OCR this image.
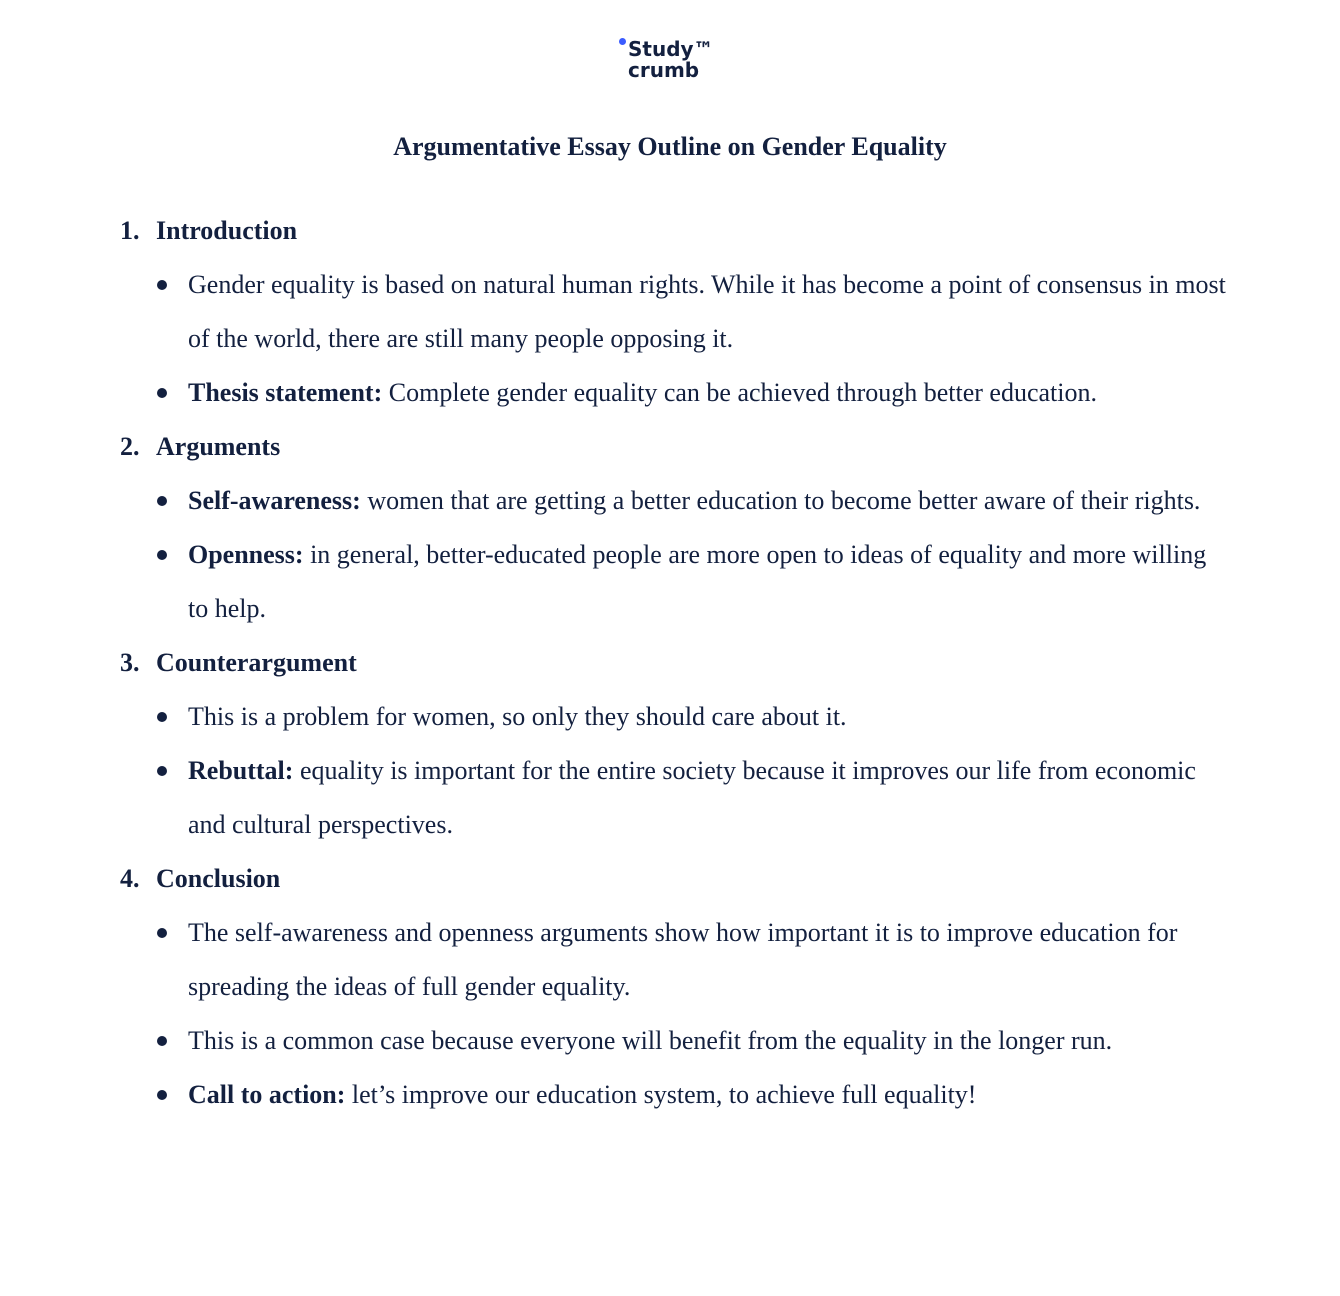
Study™
crumb
Argumentative Essay Outline on Gender Equality
1. Introduction
Gender equality is based on natural human rights. While it has become a point of consensus in most of the world, there are still many people opposing it.
Thesis statement: Complete gender equality can be achieved through better education.
2. Arguments
Self-awareness: women that are getting a better education to become better aware of their rights.
Openness: in general, better-educated people are more open to ideas of equality and more willing to help.
3. Counterargument
This is a problem for women, so only they should care about it.
Rebuttal: equality is important for the entire society because it improves our life from economic and cultural perspectives.
4. Conclusion
The self-awareness and openness arguments show how important it is to improve education for spreading the ideas of full gender equality.
This is a common case because everyone will benefit from the equality in the longer run.
Call to action: let’s improve our education system, to achieve full equality!
